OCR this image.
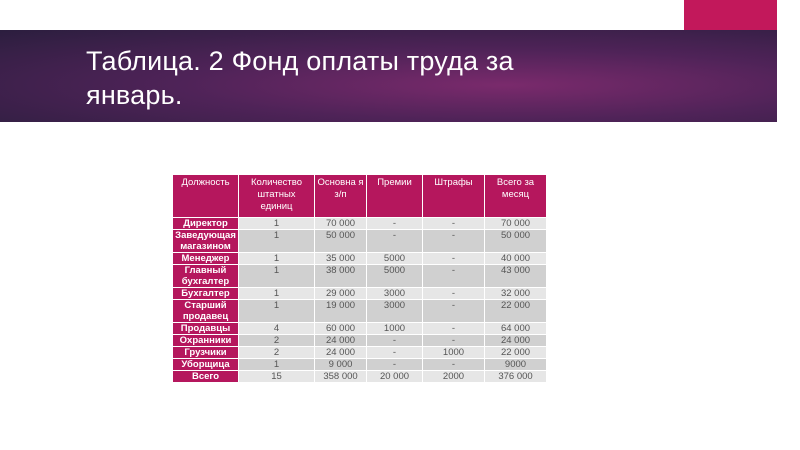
Таблица. 2 Фонд оплаты труда за
январь.
Должность	Количество штатных единиц	Основна я з/п	Премии	Штрафы	Всего за месяц
Директор	1	70 000	-	-	70 000
Заведующая магазином	1	50 000	-	-	50 000
Менеджер	1	35 000	5000	-	40 000
Главный бухгалтер	1	38 000	5000	-	43 000
Бухгалтер	1	29 000	3000	-	32 000
Старший продавец	1	19 000	3000	-	22 000
Продавцы	4	60 000	1000	-	64 000
Охранники	2	24 000	-	-	24 000
Грузчики	2	24 000	-	1000	22 000
Уборщица	1	9 000	-	-	9000
Всего	15	358 000	20 000	2000	376 000
